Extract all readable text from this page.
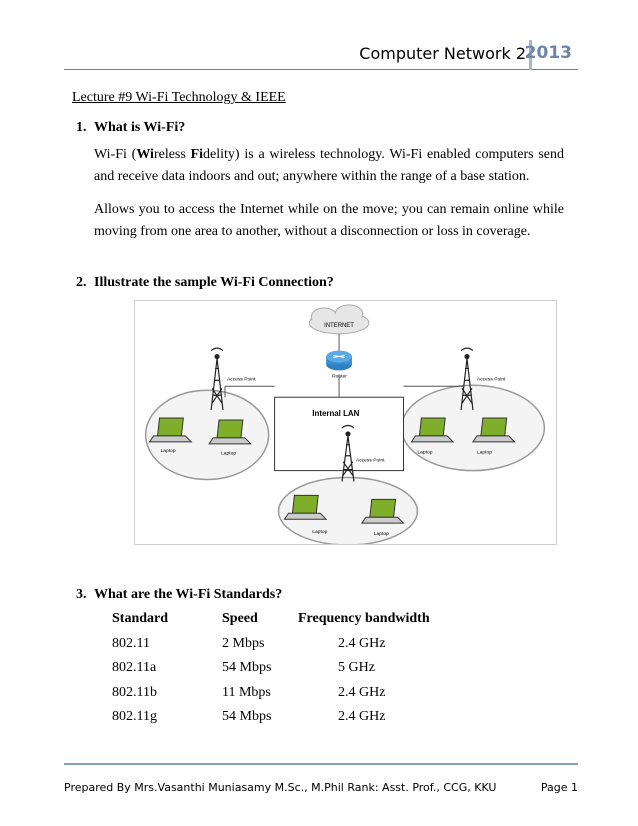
Computer Network 2
2013
Lecture #9 Wi-Fi Technology & IEEE
1. What is Wi-Fi?
Wi-Fi (Wireless Fidelity) is a wireless technology. Wi-Fi enabled computers send and receive data indoors and out; anywhere within the range of a base station.
Allows you to access the Internet while on the move; you can remain online while moving from one area to another, without a disconnection or loss in coverage.
2. Illustrate the sample Wi-Fi Connection?
Internal LAN
INTERNET
Router
Access Point	Access Point
Access Point
Laptop
Laptop	Laptop	Laptop
Laptop	Laptop
3. What are the Wi-Fi Standards?
Standard	Speed	Frequency bandwidth
802.11	2 Mbps	2.4 GHz
802.11a	54 Mbps	5 GHz
802.11b	11 Mbps	2.4 GHz
802.11g	54 Mbps	2.4 GHz
Prepared By Mrs.Vasanthi Muniasamy M.Sc., M.Phil Rank: Asst. Prof., CCG, KKU	Page 1
